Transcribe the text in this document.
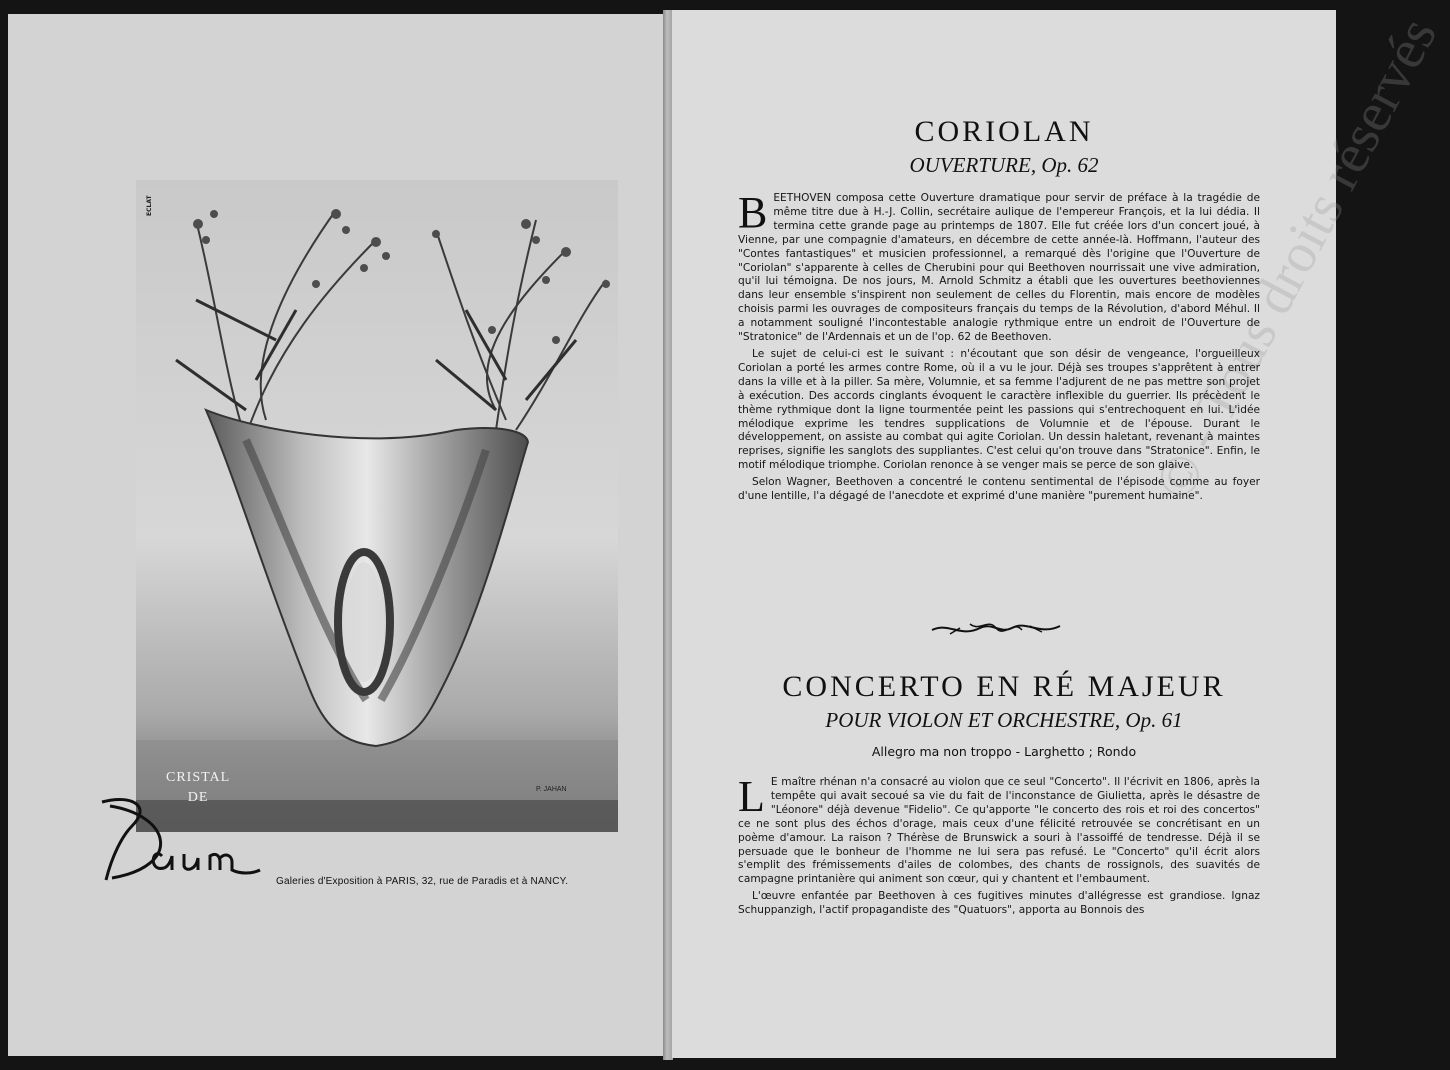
ECLAT
P. JAHAN
CRISTAL
DE
Galeries d'Exposition à PARIS, 32, rue de Paradis et à NANCY.
© - Tous droits réservés
CORIOLAN
OUVERTURE, Op. 62

BEETHOVEN composa cette Ouverture dramatique pour servir de préface à la tragédie de même titre due à H.-J. Collin, secrétaire aulique de l'empereur François, et la lui dédia. Il termina cette grande page au printemps de 1807. Elle fut créée lors d'un concert joué, à Vienne, par une compagnie d'amateurs, en décembre de cette année-là. Hoffmann, l'auteur des "Contes fantastiques" et musicien professionnel, a remarqué dès l'origine que l'Ouverture de "Coriolan" s'apparente à celles de Cherubini pour qui Beethoven nourrissait une vive admiration, qu'il lui témoigna. De nos jours, M. Arnold Schmitz a établi que les ouvertures beethoviennes dans leur ensemble s'inspirent non seulement de celles du Florentin, mais encore de modèles choisis parmi les ouvrages de compositeurs français du temps de la Révolution, d'abord Méhul. Il a notamment souligné l'incontestable analogie rythmique entre un endroit de l'Ouverture de "Stratonice" de l'Ardennais et un de l'op. 62 de Beethoven.

Le sujet de celui-ci est le suivant : n'écoutant que son désir de vengeance, l'orgueilleux Coriolan a porté les armes contre Rome, où il a vu le jour. Déjà ses troupes s'apprêtent à entrer dans la ville et à la piller. Sa mère, Volumnie, et sa femme l'adjurent de ne pas mettre son projet à exécution. Des accords cinglants évoquent le caractère inflexible du guerrier. Ils précèdent le thème rythmique dont la ligne tourmentée peint les passions qui s'entrechoquent en lui. L'idée mélodique exprime les tendres supplications de Volumnie et de l'épouse. Durant le développement, on assiste au combat qui agite Coriolan. Un dessin haletant, revenant à maintes reprises, signifie les sanglots des suppliantes. C'est celui qu'on trouve dans "Stratonice". Enfin, le motif mélodique triomphe. Coriolan renonce à se venger mais se perce de son glaive.

Selon Wagner, Beethoven a concentré le contenu sentimental de l'épisode comme au foyer d'une lentille, l'a dégagé de l'anecdote et exprimé d'une manière "purement humaine".

CONCERTO EN RÉ MAJEUR
POUR VIOLON ET ORCHESTRE, Op. 61
Allegro ma non troppo - Larghetto ; Rondo

L E maître rhénan n'a consacré au violon que ce seul "Concerto". Il l'écrivit en 1806, après la tempête qui avait secoué sa vie du fait de l'inconstance de Giulietta, après le désastre de "Léonore" déjà devenue "Fidelio". Ce qu'apporte "le concerto des rois et roi des concertos" ce ne sont plus des échos d'orage, mais ceux d'une félicité retrouvée se concrétisant en un poème d'amour. La raison ? Thérèse de Brunswick a souri à l'assoiffé de tendresse. Déjà il se persuade que le bonheur de l'homme ne lui sera pas refusé. Le "Concerto" qu'il écrit alors s'emplit des frémissements d'ailes de colombes, des chants de rossignols, des suavités de campagne printanière qui animent son cœur, qui y chantent et l'embaument.

L'œuvre enfantée par Beethoven à ces fugitives minutes d'allégresse est grandiose. Ignaz Schuppanzigh, l'actif propagandiste des "Quatuors", apporta au Bonnois des
